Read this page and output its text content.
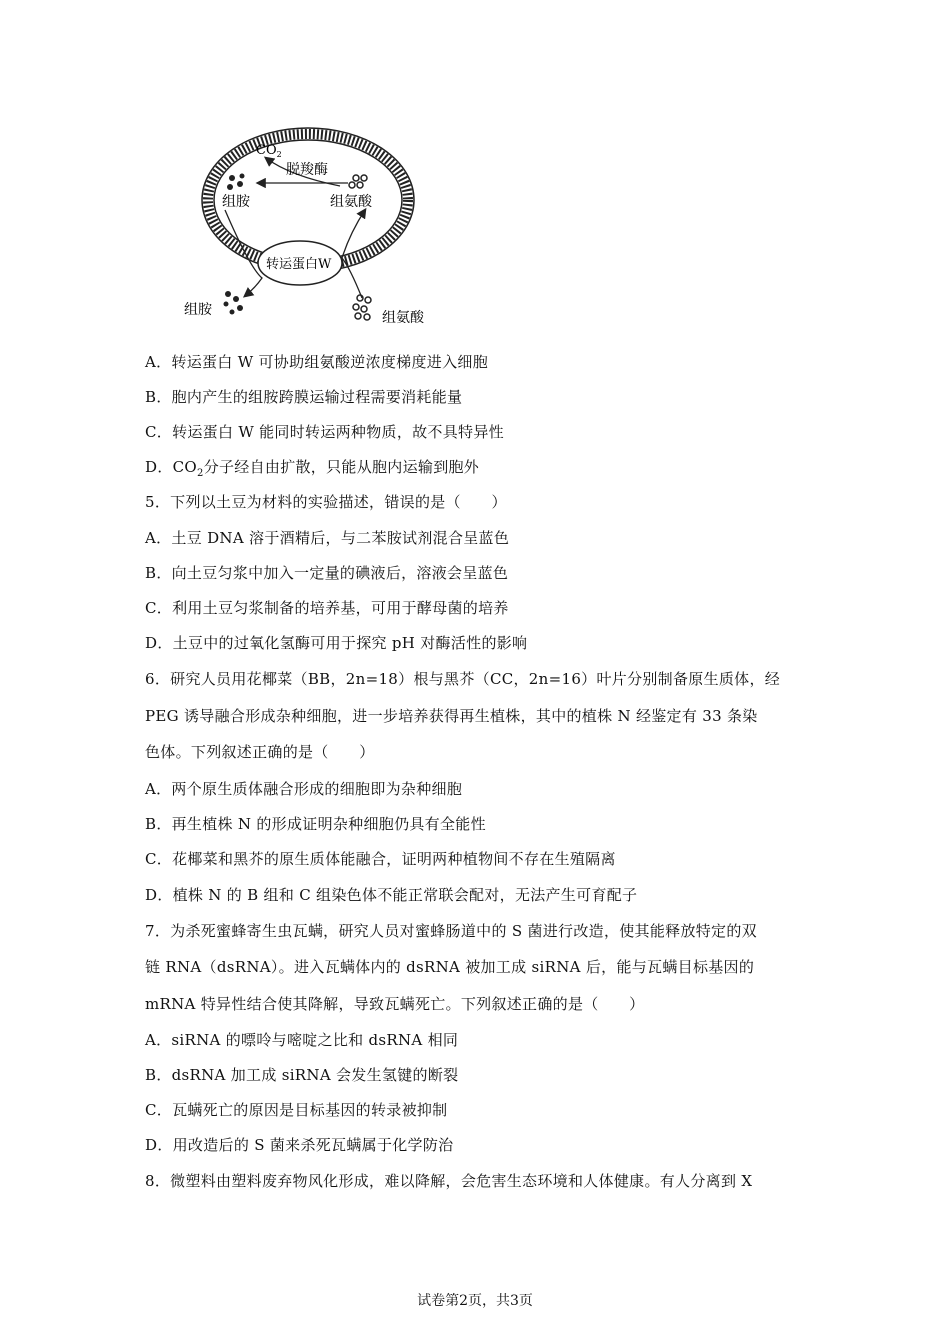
$CO_2$
脱羧酶
组胺	组氨酸
转运蛋白W
组胺	组氨酸
A．转运蛋白 W 可协助组氨酸逆浓度梯度进入细胞
B．胞内产生的组胺跨膜运输过程需要消耗能量
C．转运蛋白 W 能同时转运两种物质，故不具特异性
D．$CO_2$分子经自由扩散，只能从胞内运输到胞外
5．下列以土豆为材料的实验描述，错误的是（　　）
A．土豆 DNA 溶于酒精后，与二苯胺试剂混合呈蓝色
B．向土豆匀浆中加入一定量的碘液后，溶液会呈蓝色
C．利用土豆匀浆制备的培养基，可用于酵母菌的培养
D．土豆中的过氧化氢酶可用于探究 pH 对酶活性的影响
6．研究人员用花椰菜（BB，2n=18）根与黑芥（CC，2n=16）叶片分别制备原生质体，经
PEG 诱导融合形成杂种细胞，进一步培养获得再生植株，其中的植株 N 经鉴定有 33 条染
色体。下列叙述正确的是（　　）
A．两个原生质体融合形成的细胞即为杂种细胞
B．再生植株 N 的形成证明杂种细胞仍具有全能性
C．花椰菜和黑芥的原生质体能融合，证明两种植物间不存在生殖隔离
D．植株 N 的 B 组和 C 组染色体不能正常联会配对，无法产生可育配子
7．为杀死蜜蜂寄生虫瓦螨，研究人员对蜜蜂肠道中的 S 菌进行改造，使其能释放特定的双
链 RNA（dsRNA）。进入瓦螨体内的 dsRNA 被加工成 siRNA 后，能与瓦螨目标基因的
mRNA 特异性结合使其降解，导致瓦螨死亡。下列叙述正确的是（　　）
A．siRNA 的嘌呤与嘧啶之比和 dsRNA 相同
B．dsRNA 加工成 siRNA 会发生氢键的断裂
C．瓦螨死亡的原因是目标基因的转录被抑制
D．用改造后的 S 菌来杀死瓦螨属于化学防治
8．微塑料由塑料废弃物风化形成，难以降解，会危害生态环境和人体健康。有人分离到 X
试卷第2页，共3页
